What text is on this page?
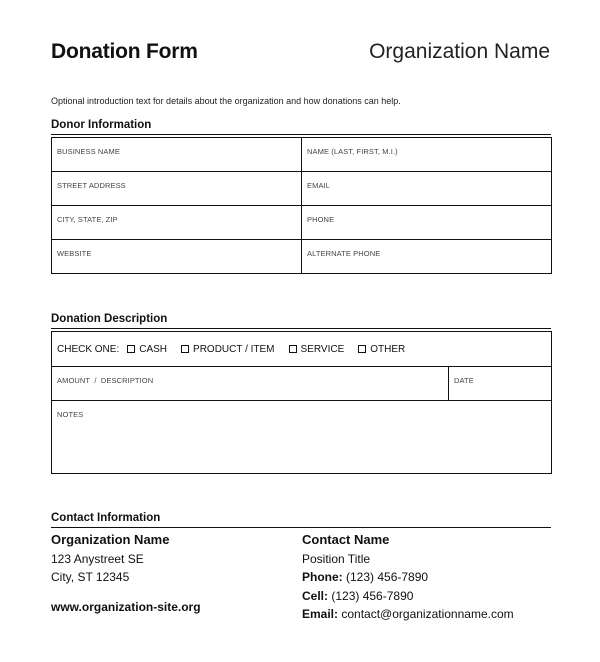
Donation Form	Organization Name
Optional introduction text for details about the organization and how donations can help.
Donor Information
BUSINESS NAME	NAME (LAST, FIRST, M.I.)
STREET ADDRESS	EMAIL
CITY, STATE, ZIP	PHONE
WEBSITE	ALTERNATE PHONE
Donation Description
CHECK ONE: CASH	PRODUCT / ITEM	SERVICE	OTHER

AMOUNT  /  DESCRIPTION	DATE
NOTES
Contact Information
Organization Name
123 Anystreet SE
City, ST 12345
www.organization-site.org
Contact Name
Position Title
Phone: (123) 456-7890
Cell: (123) 456-7890
Email: contact@organizationname.com
